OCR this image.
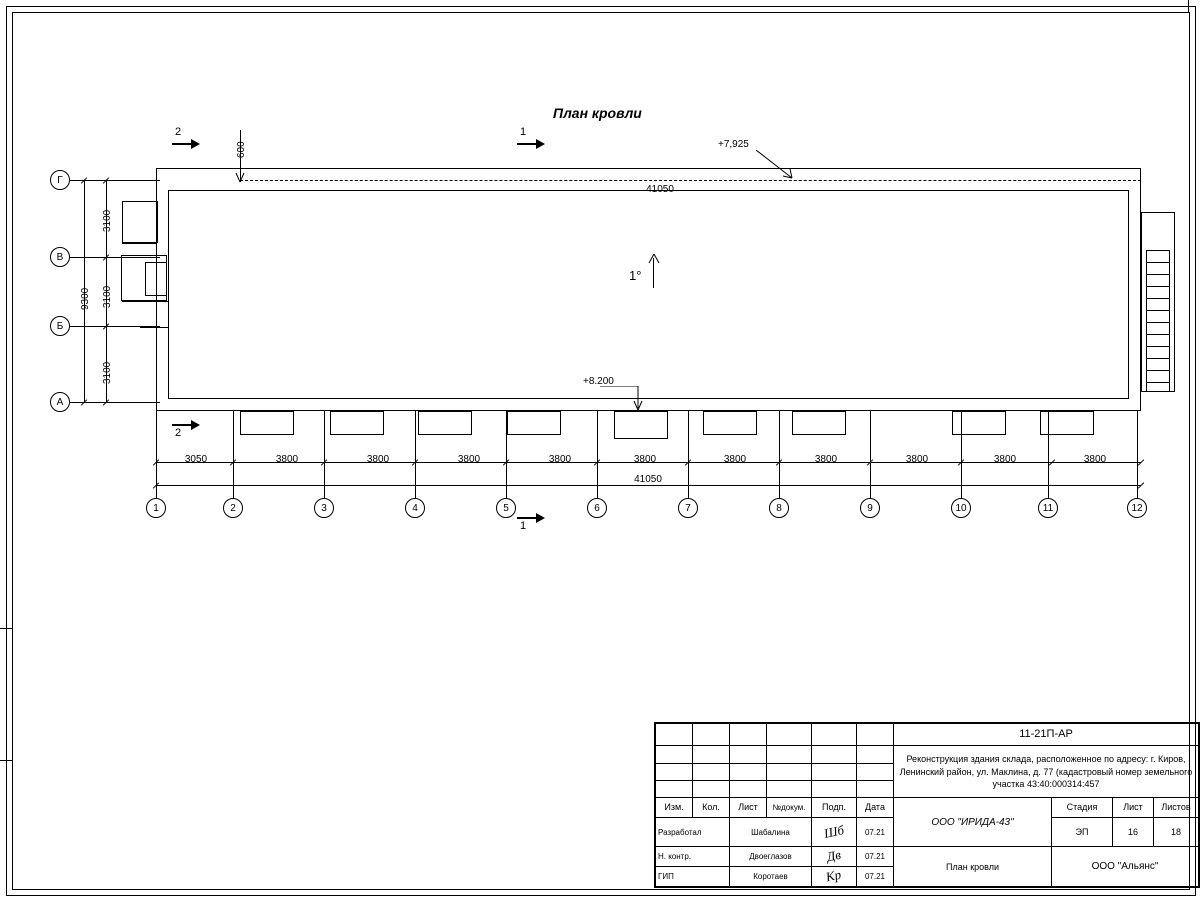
План кровли
41050
1°
+7,925
+8.200
2	1
2
1
600
Г
В
Б
А
3100
3100
3100
9300
3050	3800	3800	3800	3800	3800	3800	3800	3800	3800	3800
41050
1	2	3	4	5	6	7	8	9	10	11	12
						11-21П-АР			
						Реконструкция здания склада, расположенное по адресу: г. Киров, Ленинский район, ул. Маклина, д. 77 (кадастровый номер земельного участка 43:40:000314:457			

Изм.	Кол.	Лист	№докум.	Подп.	Дата	ООО "ИРИДА-43"	Стадия	Лист	Листов
Разработал		Шабалина		Шб	07.21		ЭП	16	18
Н. контр.		Двоеглазов		Дв	07.21	План кровли	ООО "Альянс"		
ГИП		Коротаев		Кр	07.21				
